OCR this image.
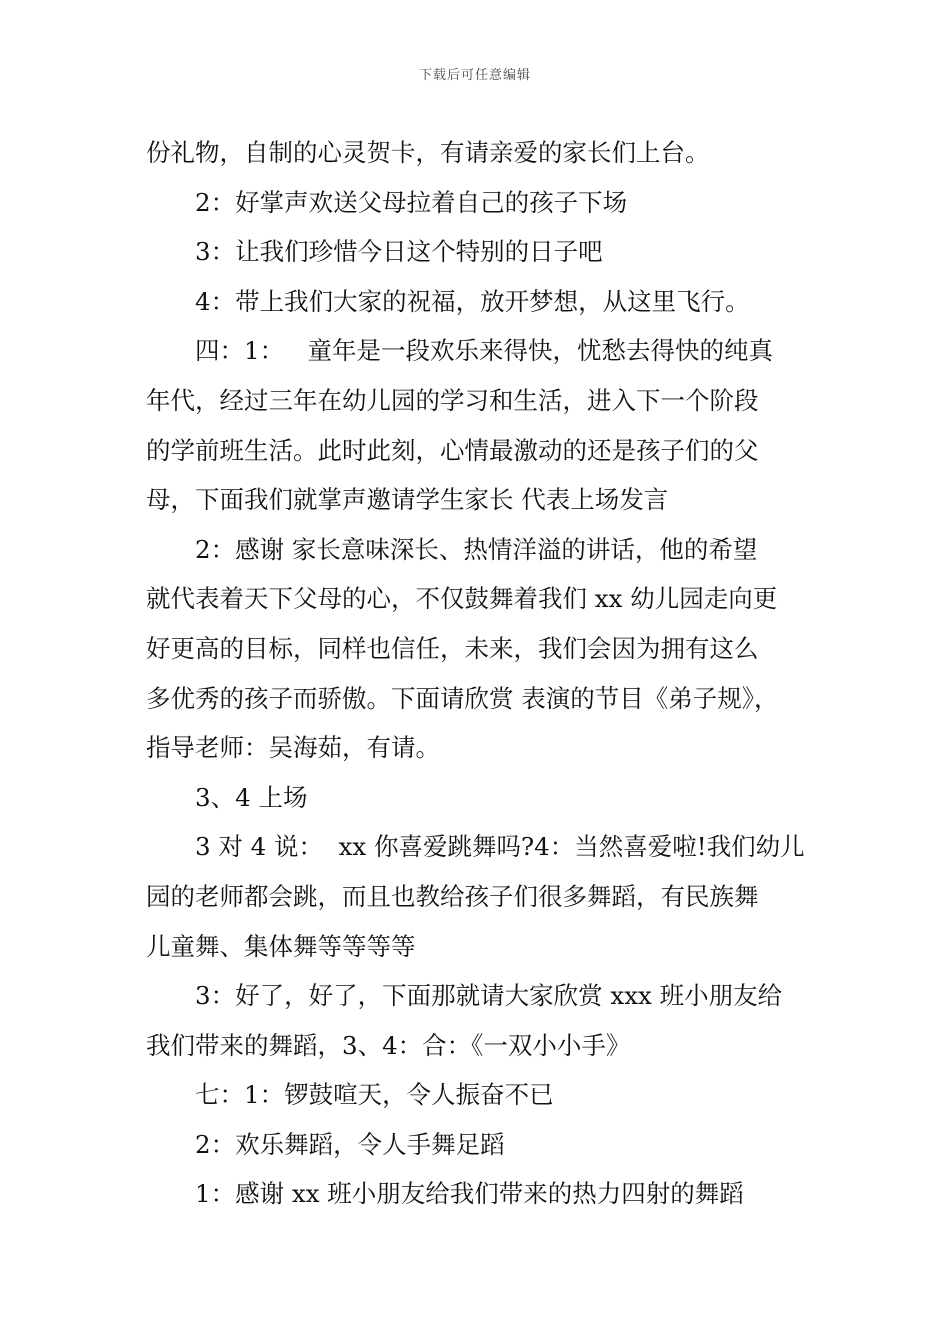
下载后可任意编辑
份礼物，自制的心灵贺卡，有请亲爱的家长们上台。
2：好掌声欢送父母拉着自己的孩子下场
3：让我们珍惜今日这个特别的日子吧
4：带上我们大家的祝福，放开梦想，从这里飞行。
四：1：   童年是一段欢乐来得快，忧愁去得快的纯真
年代，经过三年在幼儿园的学习和生活，进入下一个阶段
的学前班生活。此时此刻，心情最激动的还是孩子们的父
母，下面我们就掌声邀请学生家长 代表上场发言
2：感谢 家长意味深长、热情洋溢的讲话，他的希望
就代表着天下父母的心，不仅鼓舞着我们 xx 幼儿园走向更
好更高的目标，同样也信任，未来，我们会因为拥有这么
多优秀的孩子而骄傲。下面请欣赏 表演的节目《弟子规》，
指导老师：吴海茹，有请。
3、4 上场
3 对 4 说：  xx 你喜爱跳舞吗?4：当然喜爱啦!我们幼儿
园的老师都会跳，而且也教给孩子们很多舞蹈，有民族舞
儿童舞、集体舞等等等等
3：好了，好了，下面那就请大家欣赏 xxx 班小朋友给
我们带来的舞蹈，3、4：合：《一双小小手》
七：1：锣鼓喧天，令人振奋不已
2：欢乐舞蹈，令人手舞足蹈
1：感谢 xx 班小朋友给我们带来的热力四射的舞蹈
